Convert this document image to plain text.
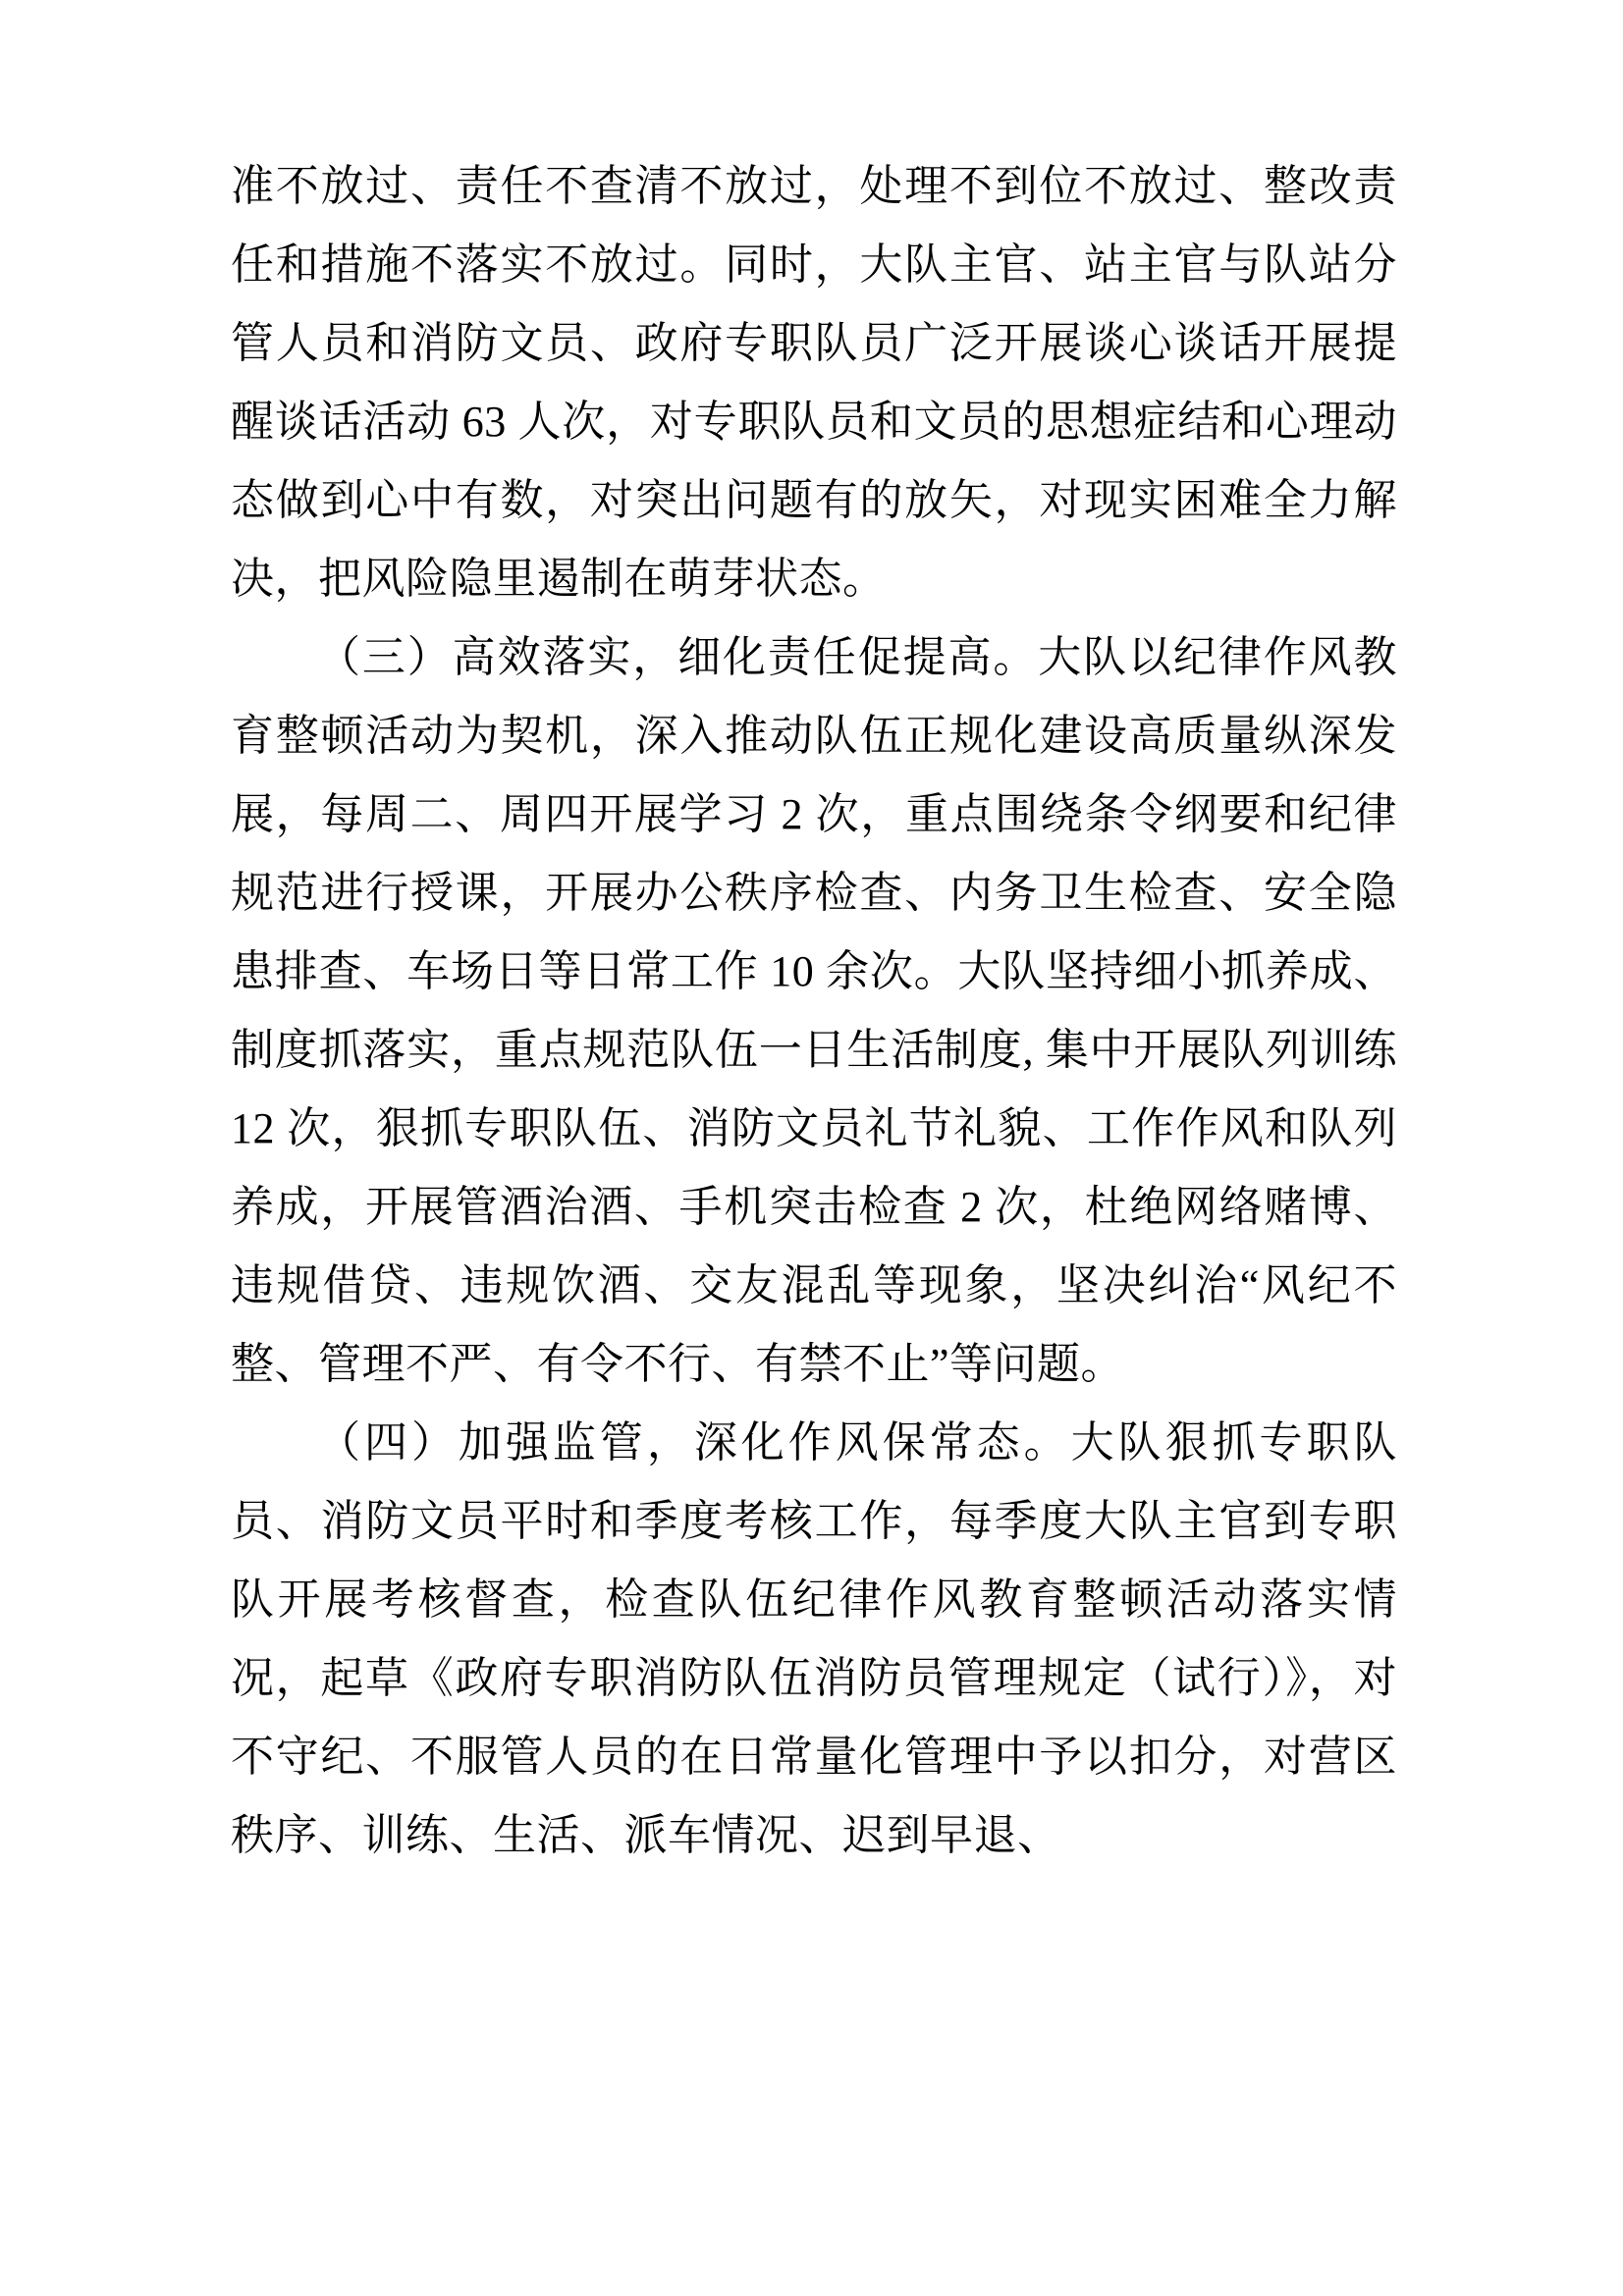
准不放过、责任不查清不放过，处理不到位不放过、整改责任和措施不落实不放过。同时，大队主官、站主官与队站分管人员和消防文员、政府专职队员广泛开展谈心谈话开展提醒谈话活动 63 人次，对专职队员和文员的思想症结和心理动态做到心中有数，对突出问题有的放矢，对现实困难全力解决，把风险隐里遏制在萌芽状态。

（三）高效落实，细化责任促提高。大队以纪律作风教育整顿活动为契机，深入推动队伍正规化建设高质量纵深发展，每周二、周四开展学习 2 次，重点围绕条令纲要和纪律规范进行授课，开展办公秩序检查、内务卫生检查、安全隐患排查、车场日等日常工作 10 余次。大队坚持细小抓养成、制度抓落实，重点规范队伍一日生活制度, 集中开展队列训练 12 次，狠抓专职队伍、消防文员礼节礼貌、工作作风和队列养成，开展管酒治酒、手机突击检查 2 次，杜绝网络赌博、违规借贷、违规饮酒、交友混乱等现象，坚决纠治“风纪不整、管理不严、有令不行、有禁不止”等问题。

（四）加强监管，深化作风保常态。大队狠抓专职队员、消防文员平时和季度考核工作，每季度大队主官到专职队开展考核督查，检查队伍纪律作风教育整顿活动落实情况，起草《政府专职消防队伍消防员管理规定（试行）》，对不守纪、不服管人员的在日常量化管理中予以扣分，对营区秩序、训练、生活、派车情况、迟到早退、
